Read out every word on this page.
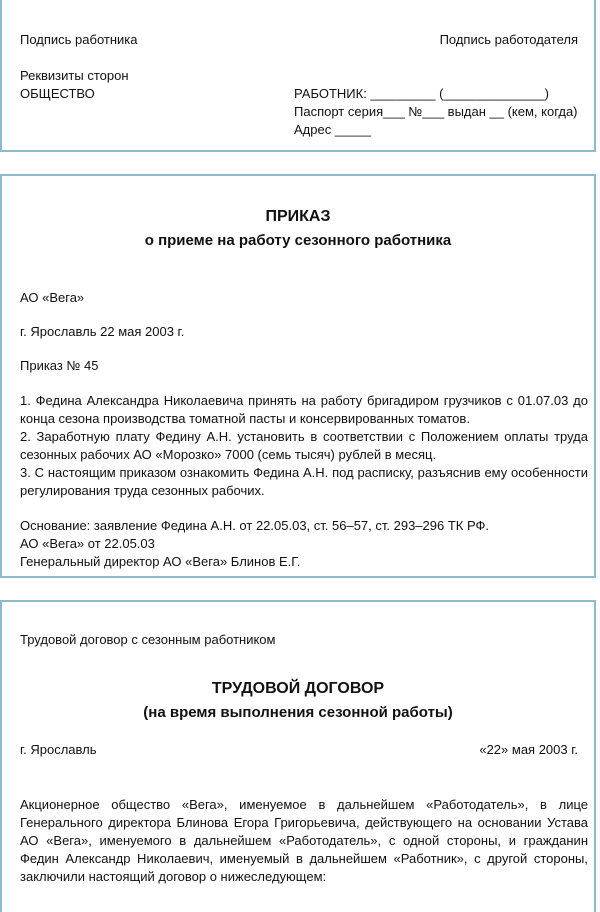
Подпись работника	Подпись работодателя
Реквизиты сторон
ОБЩЕСТВО	РАБОТНИК: _________ (______________)
Паспорт серия___ №___ выдан __ (кем, когда)
Адрес _____
ПРИКАЗ
о приеме на работу сезонного работника
АО «Вега»
г. Ярославль 22 мая 2003 г.
Приказ № 45
1. Федина Александра Николаевича принять на работу бригадиром грузчиков с 01.07.03 до конца сезона производства томатной пасты и консервированных томатов.
2. Заработную плату Федину А.Н. установить в соответствии с Положением оплаты труда сезонных рабочих АО «Морозко» 7000 (семь тысяч) рублей в месяц.
3. С настоящим приказом ознакомить Федина А.Н. под расписку, разъяснив ему особенности регулирования труда сезонных рабочих.
Основание: заявление Федина А.Н. от 22.05.03, ст. 56–57, ст. 293–296 ТК РФ.
АО «Вега» от 22.05.03
Генеральный директор АО «Вега» Блинов Е.Г.
Трудовой договор с сезонным работником
ТРУДОВОЙ ДОГОВОР
(на время выполнения сезонной работы)
г. Ярославль	«22» мая 2003 г.
Акционерное общество «Вега», именуемое в дальнейшем «Работодатель», в лице Генерального директора Блинова Егора Григорьевича, действующего на основании Устава АО «Вега», именуемого в дальнейшем «Работодатель», с одной стороны, и гражданин Федин Александр Николаевич, именуемый в дальнейшем «Работник», с другой стороны, заключили настоящий договор о нижеследующем:
